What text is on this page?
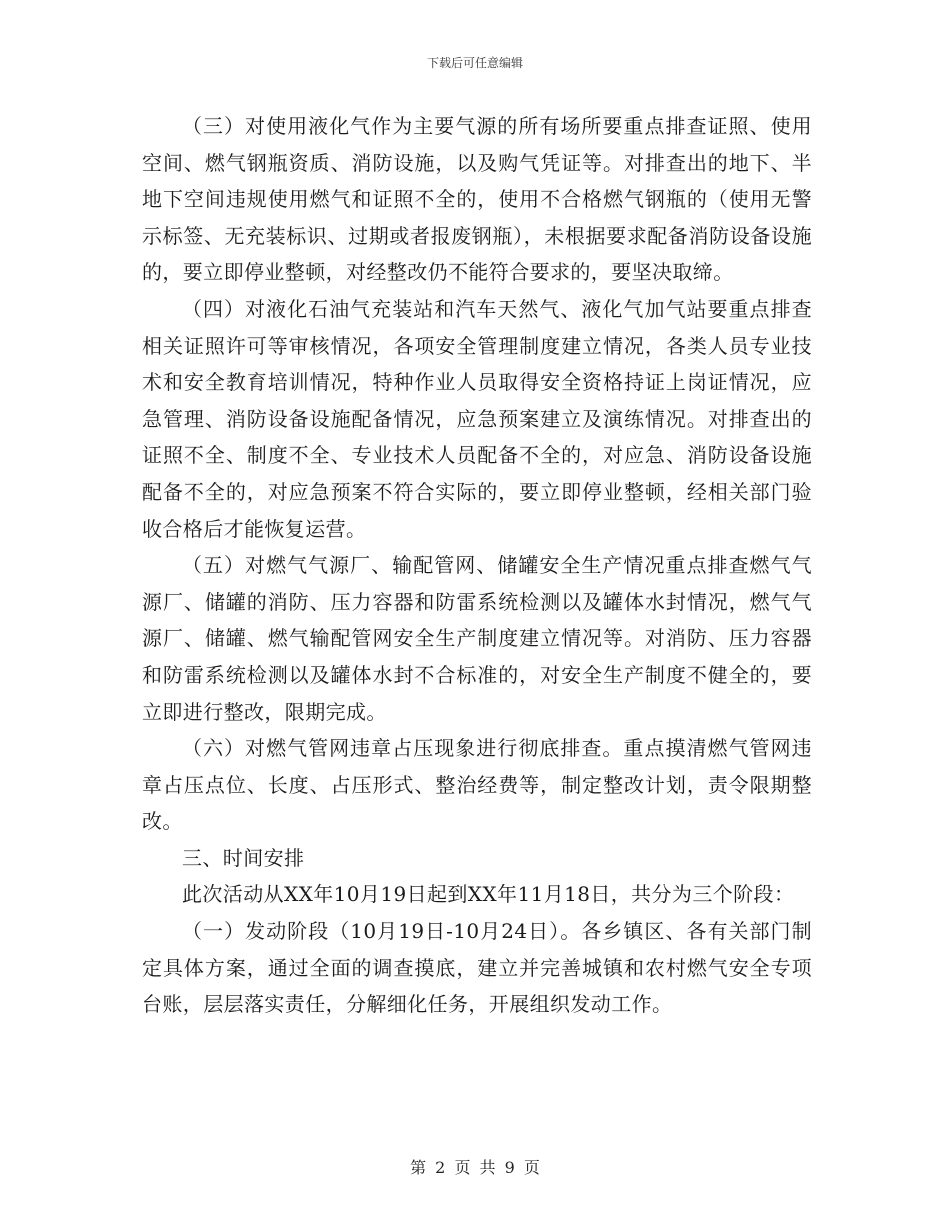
下载后可任意编辑

（三）对使用液化气作为主要气源的所有场所要重点排查证照、使用空间、燃气钢瓶资质、消防设施，以及购气凭证等。对排查出的地下、半地下空间违规使用燃气和证照不全的，使用不合格燃气钢瓶的（使用无警示标签、无充装标识、过期或者报废钢瓶），未根据要求配备消防设备设施的，要立即停业整顿，对经整改仍不能符合要求的，要坚决取缔。

（四）对液化石油气充装站和汽车天然气、液化气加气站要重点排查相关证照许可等审核情况，各项安全管理制度建立情况，各类人员专业技术和安全教育培训情况，特种作业人员取得安全资格持证上岗证情况，应急管理、消防设备设施配备情况，应急预案建立及演练情况。对排查出的证照不全、制度不全、专业技术人员配备不全的，对应急、消防设备设施配备不全的，对应急预案不符合实际的，要立即停业整顿，经相关部门验收合格后才能恢复运营。

（五）对燃气气源厂、输配管网、储罐安全生产情况重点排查燃气气源厂、储罐的消防、压力容器和防雷系统检测以及罐体水封情况，燃气气源厂、储罐、燃气输配管网安全生产制度建立情况等。对消防、压力容器和防雷系统检测以及罐体水封不合标准的，对安全生产制度不健全的，要立即进行整改，限期完成。

（六）对燃气管网违章占压现象进行彻底排查。重点摸清燃气管网违章占压点位、长度、占压形式、整治经费等，制定整改计划，责令限期整改。

三、时间安排

此次活动从XX年10月19日起到XX年11月18日，共分为三个阶段：

（一）发动阶段（10月19日-10月24日）。各乡镇区、各有关部门制定具体方案，通过全面的调查摸底，建立并完善城镇和农村燃气安全专项台账，层层落实责任，分解细化任务，开展组织发动工作。

第 2 页 共 9 页
